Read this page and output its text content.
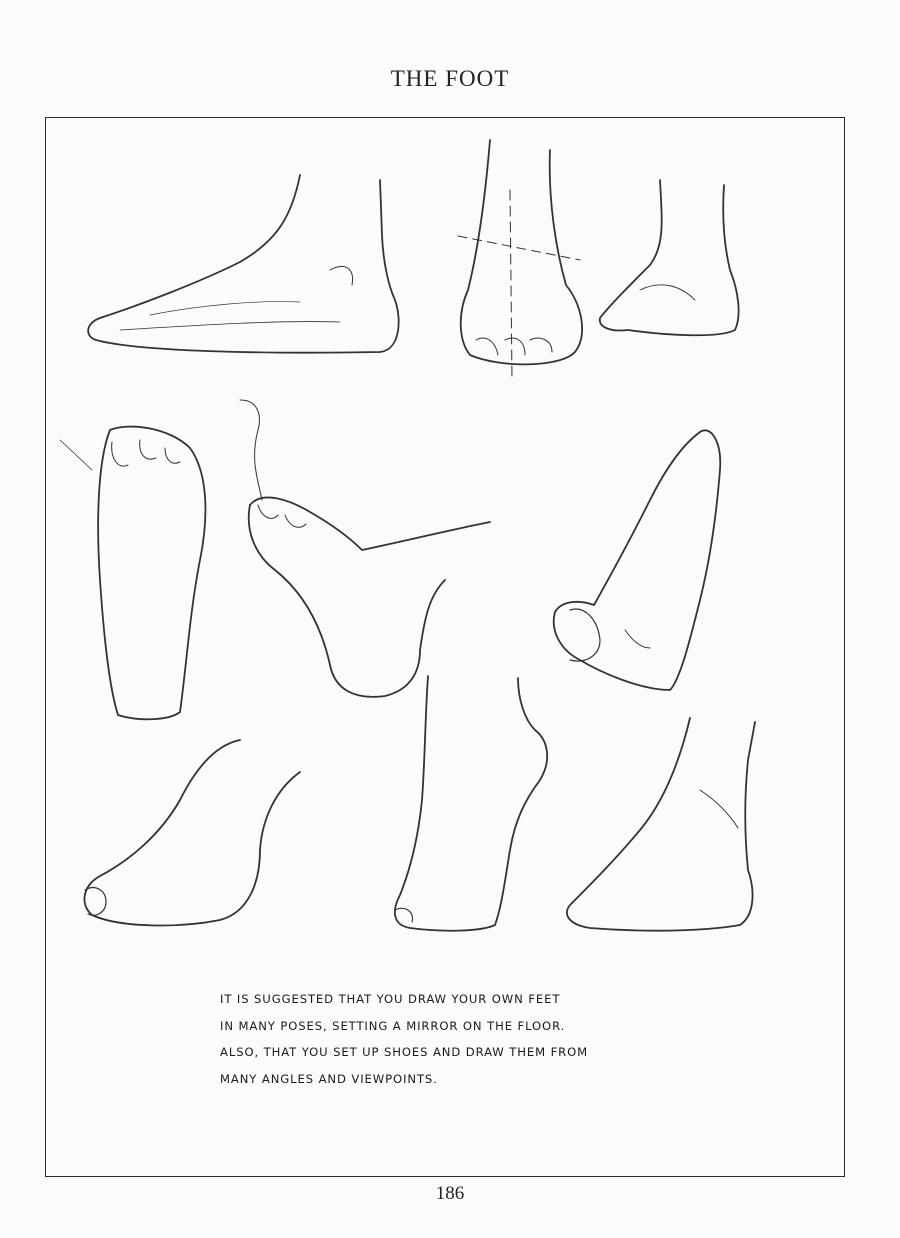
THE FOOT
IT IS SUGGESTED THAT YOU DRAW YOUR OWN FEET
IN MANY POSES, SETTING A MIRROR ON THE FLOOR.
ALSO, THAT YOU SET UP SHOES AND DRAW THEM FROM
MANY ANGLES AND VIEWPOINTS.
186
